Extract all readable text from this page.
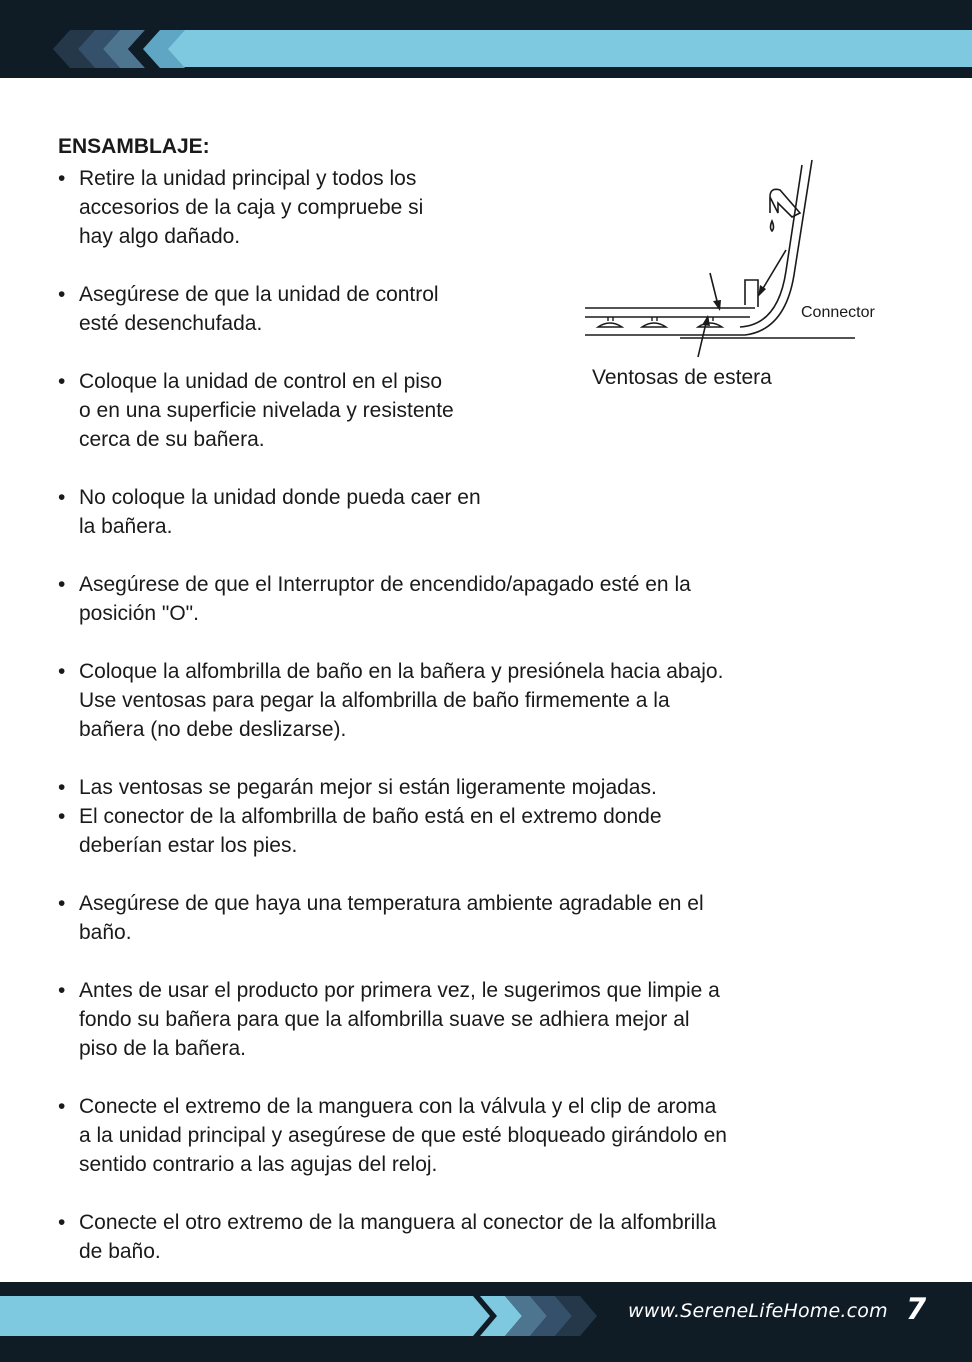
ENSAMBLAJE:
• Retire la unidad principal y todos los
accesorios de la caja y compruebe si
hay algo dañado.
• Asegúrese de que la unidad de control
esté desenchufada.
• Coloque la unidad de control en el piso
o en una superficie nivelada y resistente
cerca de su bañera.
• No coloque la unidad donde pueda caer en
la bañera.
• Asegúrese de que el Interruptor de encendido/apagado esté en la
posición "O".
• Coloque la alfombrilla de baño en la bañera y presiónela hacia abajo.
Use ventosas para pegar la alfombrilla de baño firmemente a la
bañera (no debe deslizarse).
• Las ventosas se pegarán mejor si están ligeramente mojadas.
• El conector de la alfombrilla de baño está en el extremo donde
deberían estar los pies.
• Asegúrese de que haya una temperatura ambiente agradable en el
baño.
• Antes de usar el producto por primera vez, le sugerimos que limpie a
fondo su bañera para que la alfombrilla suave se adhiera mejor al
piso de la bañera.
• Conecte el extremo de la manguera con la válvula y el clip de aroma
a la unidad principal y asegúrese de que esté bloqueado girándolo en
sentido contrario a las agujas del reloj.
• Conecte el otro extremo de la manguera al conector de la alfombrilla
de baño.
Connector
Ventosas de estera
www.SereneLifeHome.com 7
